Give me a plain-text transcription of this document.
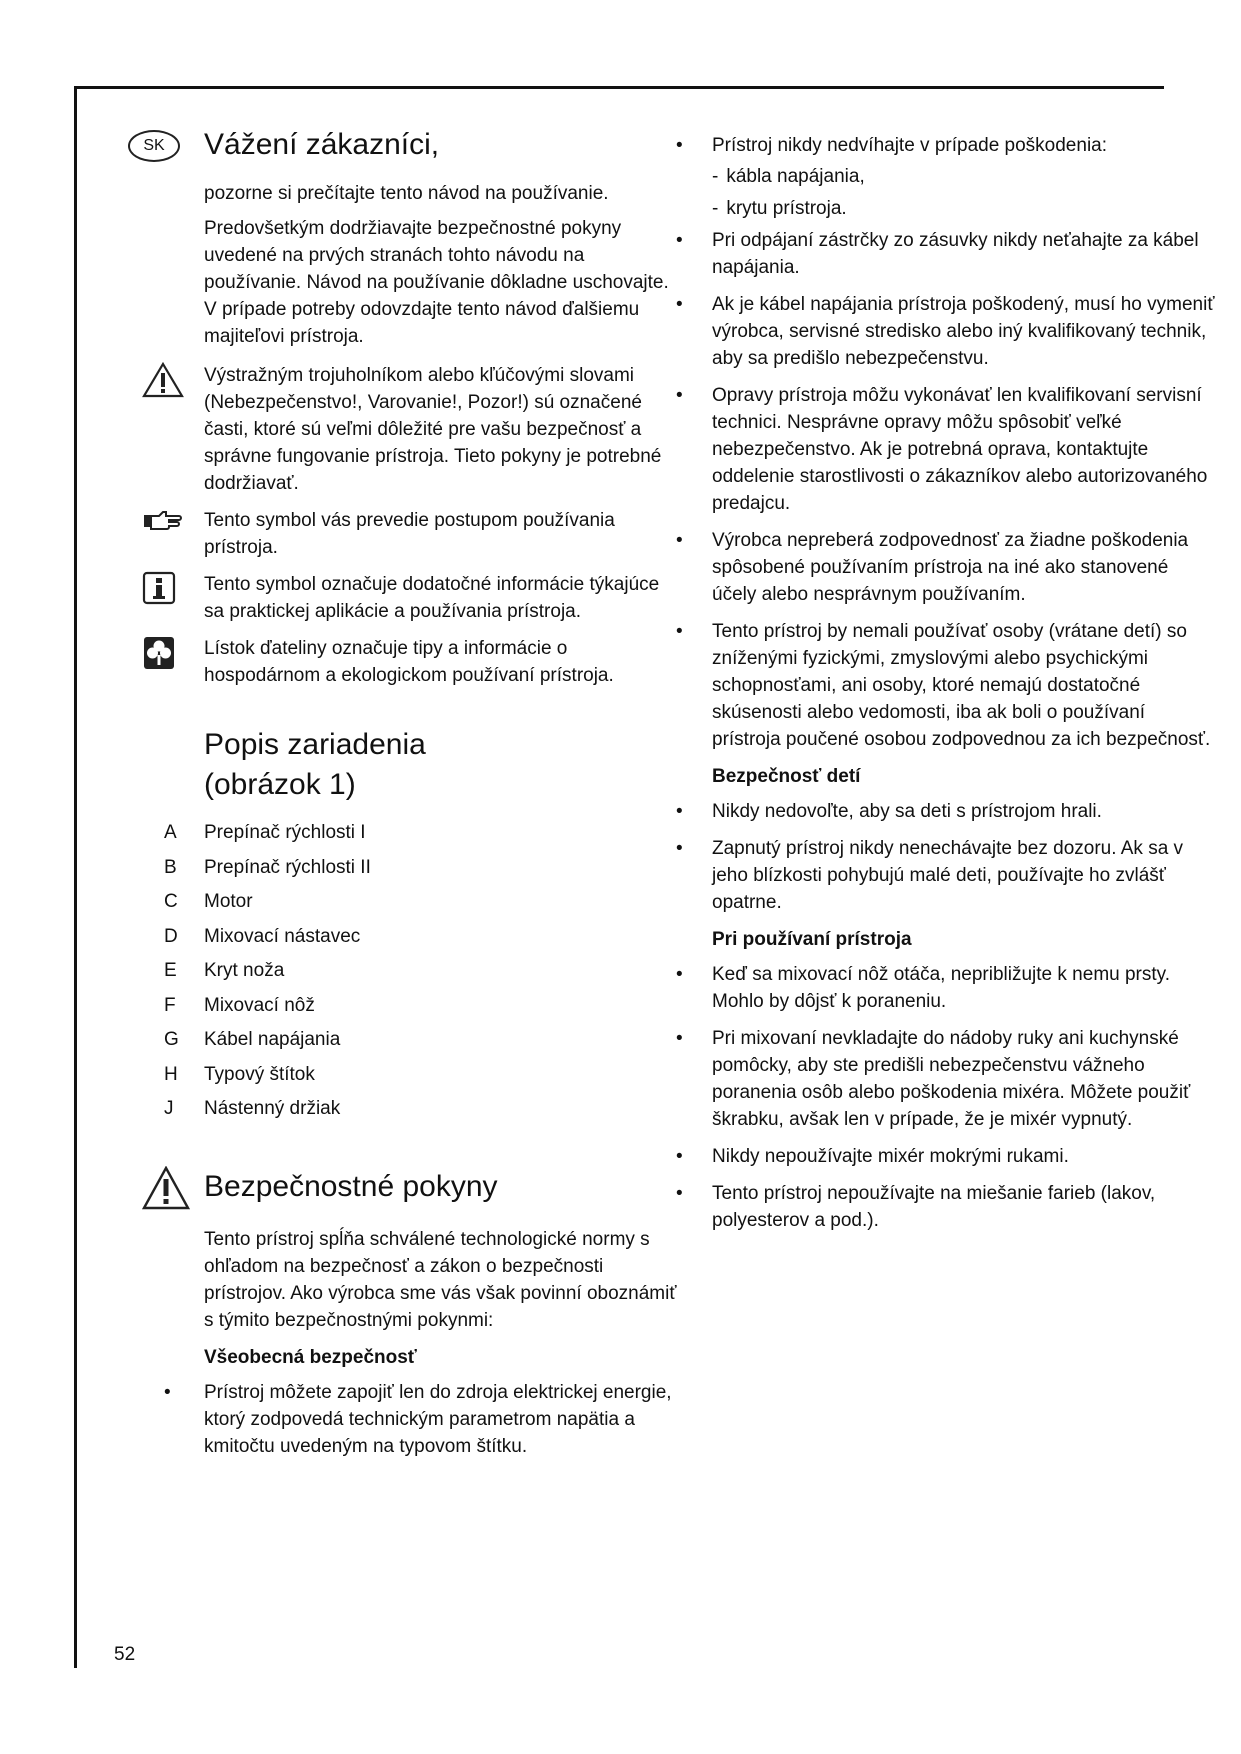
SK	Vážení zákazníci,

pozorne si prečítajte tento návod na používanie.

Predovšetkým dodržiavajte bezpečnostné pokyny uvedené na prvých stranách tohto návodu na používanie. Návod na používanie dôkladne uschovajte. V prípade potreby odovzdajte tento návod ďalšiemu majiteľovi prístroja.

Výstražným trojuholníkom alebo kľúčovými slovami (Nebezpečenstvo!, Varovanie!, Pozor!) sú označené časti, ktoré sú veľmi dôležité pre vašu bezpečnosť a správne fungovanie prístroja. Tieto pokyny je potrebné dodržiavať.

Tento symbol vás prevedie postupom používania prístroja.

Tento symbol označuje dodatočné informácie týkajúce sa praktickej aplikácie a používania prístroja.

Lístok ďateliny označuje tipy a informácie o hospodárnom a ekologickom používaní prístroja.

Popis zariadenia (obrázok 1)
A Prepínač rýchlosti I
B Prepínač rýchlosti II
C Motor
D Mixovací nástavec
E Kryt noža
F Mixovací nôž
G Kábel napájania
H Typový štítok
J Nástenný držiak
Bezpečnostné pokyny

Tento prístroj spĺňa schválené technologické normy s ohľadom na bezpečnosť a zákon o bezpečnosti prístrojov. Ako výrobca sme vás však povinní oboznámiť s týmito bezpečnostnými pokynmi:

Všeobecná bezpečnosť

• Prístroj môžete zapojiť len do zdroja elektrickej energie, ktorý zodpovedá technickým parametrom napätia a kmitočtu uvedeným na typovom štítku.

• Prístroj nikdy nedvíhajte v prípade poškodenia:

- kábla napájania,

- krytu prístroja.

• Pri odpájaní zástrčky zo zásuvky nikdy neťahajte za kábel napájania.

• Ak je kábel napájania prístroja poškodený, musí ho vymeniť výrobca, servisné stredisko alebo iný kvalifikovaný technik, aby sa predišlo nebezpečenstvu.

• Opravy prístroja môžu vykonávať len kvalifikovaní servisní technici. Nesprávne opravy môžu spôsobiť veľké nebezpečenstvo. Ak je potrebná oprava, kontaktujte oddelenie starostlivosti o zákazníkov alebo autorizovaného predajcu.

• Výrobca nepreberá zodpovednosť za žiadne poškodenia spôsobené používaním prístroja na iné ako stanovené účely alebo nesprávnym používaním.

• Tento prístroj by nemali používať osoby (vrátane detí) so zníženými fyzickými, zmyslovými alebo psychickými schopnosťami, ani osoby, ktoré nemajú dostatočné skúsenosti alebo vedomosti, iba ak boli o používaní prístroja poučené osobou zodpovednou za ich bezpečnosť.

Bezpečnosť detí

• Nikdy nedovoľte, aby sa deti s prístrojom hrali.

• Zapnutý prístroj nikdy nenechávajte bez dozoru. Ak sa v jeho blízkosti pohybujú malé deti, používajte ho zvlášť opatrne.

Pri používaní prístroja

• Keď sa mixovací nôž otáča, nepribližujte k nemu prsty. Mohlo by dôjsť k poraneniu.

• Pri mixovaní nevkladajte do nádoby ruky ani kuchynské pomôcky, aby ste predišli nebezpečenstvu vážneho poranenia osôb alebo poškodenia mixéra. Môžete použiť škrabku, avšak len v prípade, že je mixér vypnutý.

• Nikdy nepoužívajte mixér mokrými rukami.

• Tento prístroj nepoužívajte na miešanie farieb (lakov, polyesterov a pod.).

52
